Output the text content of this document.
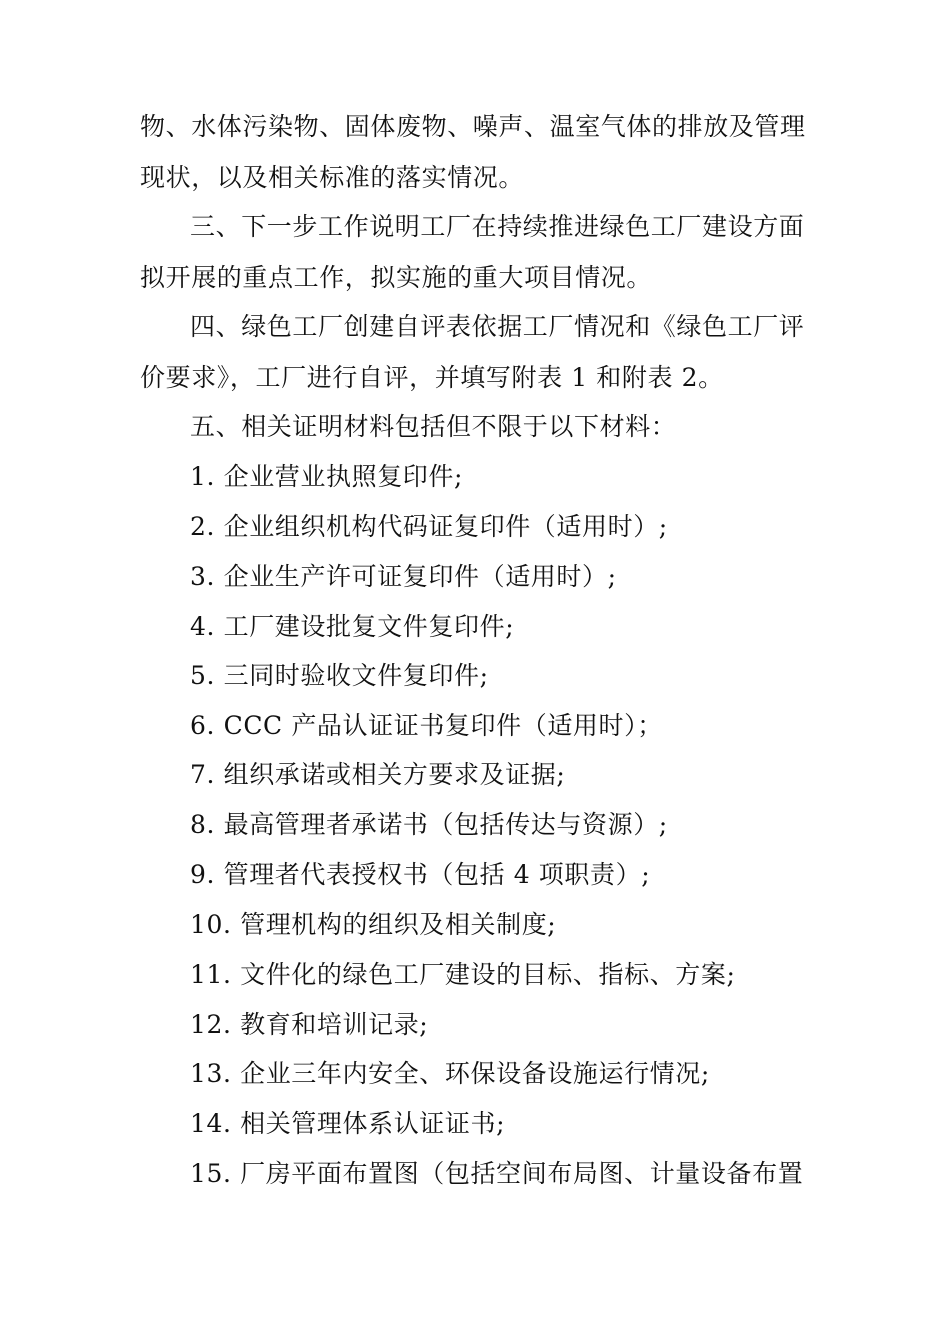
物、水体污染物、固体废物、噪声、温室气体的排放及管理
现状，以及相关标准的落实情况。
三、下一步工作说明工厂在持续推进绿色工厂建设方面
拟开展的重点工作，拟实施的重大项目情况。
四、绿色工厂创建自评表依据工厂情况和《绿色工厂评
价要求》，工厂进行自评，并填写附表 1 和附表 2。
五、相关证明材料包括但不限于以下材料：
1. 企业营业执照复印件;
2. 企业组织机构代码证复印件（适用时）;
3. 企业生产许可证复印件（适用时）;
4. 工厂建设批复文件复印件;
5. 三同时验收文件复印件;
6. CCC 产品认证证书复印件（适用时）；
7. 组织承诺或相关方要求及证据;
8. 最高管理者承诺书（包括传达与资源）;
9. 管理者代表授权书（包括 4 项职责）;
10. 管理机构的组织及相关制度;
11. 文件化的绿色工厂建设的目标、指标、方案;
12. 教育和培训记录;
13. 企业三年内安全、环保设备设施运行情况;
14. 相关管理体系认证证书;
15. 厂房平面布置图（包括空间布局图、计量设备布置
